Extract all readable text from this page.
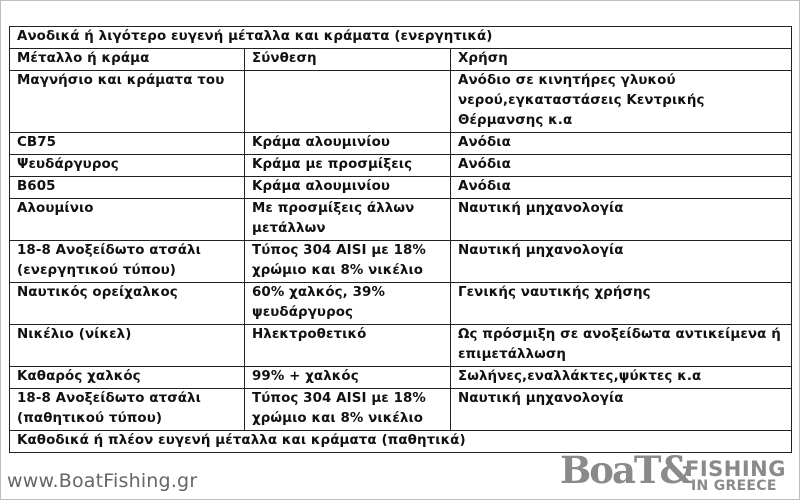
Ανοδικά ή λιγότερο ευγενή μέταλλα και κράματα (ενεργητικά)		
Μέταλλο ή κράμα	Σύνθεση	Χρήση
Μαγνήσιο και κράματα του		Ανόδιο σε κινητήρες γλυκού νερού,εγκαταστάσεις Κεντρικής Θέρμανσης κ.α
CB75	Κράμα αλουμινίου	Ανόδια
Ψευδάργυρος	Κράμα με προσμίξεις	Ανόδια
B605	Κράμα αλουμινίου	Ανόδια
Αλουμίνιο	Με προσμίξεις άλλων μετάλλων	Ναυτική μηχανολογία
18-8 Ανοξείδωτο ατσάλι (ενεργητικού τύπου)	Τύπος 304 AISI με 18% χρώμιο και 8% νικέλιο	Ναυτική μηχανολογία
Ναυτικός ορείχαλκος	60% χαλκός, 39% ψευδάργυρος	Γενικής ναυτικής χρήσης
Νικέλιο (νίκελ)	Ηλεκτροθετικό	Ως πρόσμιξη σε ανοξείδωτα αντικείμενα ή επιμετάλλωση
Καθαρός χαλκός	99% + χαλκός	Σωλήνες,εναλλάκτες,ψύκτες κ.α
18-8 Ανοξείδωτο ατσάλι (παθητικού τύπου)	Τύπος 304 AISI με 18% χρώμιο και 8% νικέλιο	Ναυτική μηχανολογία
Καθοδικά ή πλέον ευγενή μέταλλα και κράματα (παθητικά)		
www.BoatFishing.gr	BoaT&
FISHING
IN GREECE
